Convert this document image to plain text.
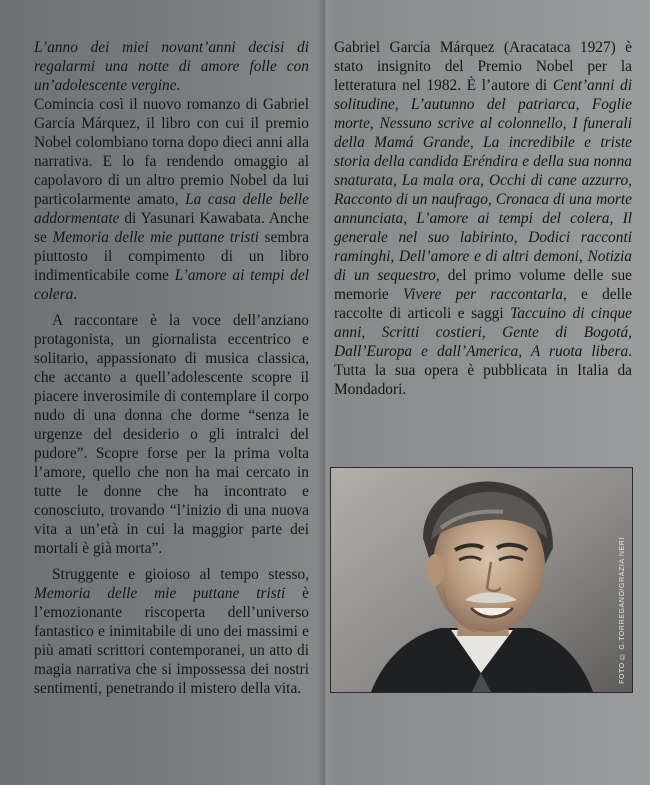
L’anno dei miei novant’anni decisi di regalarmi una notte di amore folle con un’adolescente vergine.

Comincia così il nuovo romanzo di Gabriel García Márquez, il libro con cui il premio Nobel colombiano torna dopo dieci anni alla narrativa. E lo fa rendendo omaggio al capolavoro di un altro premio Nobel da lui particolarmente amato, La casa delle belle addormentate di Yasunari Kawabata. Anche se Memoria delle mie puttane tristi sembra piuttosto il compimento di un libro indimenticabile come L’amore ai tempi del colera.

A raccontare è la voce dell’anziano protagonista, un giornalista eccentrico e solitario, appassionato di musica classica, che accanto a quell’adolescente scopre il piacere inverosimile di contemplare il corpo nudo di una donna che dorme “senza le urgenze del desiderio o gli intralci del pudore”. Scopre forse per la prima volta l’amore, quello che non ha mai cercato in tutte le donne che ha incontrato e conosciuto, trovando “l’inizio di una nuova vita a un’età in cui la maggior parte dei mortali è già morta”.

Struggente e gioioso al tempo stesso, Memoria delle mie puttane tristi è l’emozionante riscoperta dell’universo fantastico e inimitabile di uno dei massimi e più amati scrittori contemporanei, un atto di magia narrativa che si impossessa dei nostri sentimenti, penetrando il mistero della vita.

Gabriel García Márquez (Aracataca 1927) è stato insignito del Premio Nobel per la letteratura nel 1982. È l’autore di Cent’anni di solitudine, L’autunno del patriarca, Foglie morte, Nessuno scrive al colonnello, I funerali della Mamá Grande, La incredibile e triste storia della candida Eréndira e della sua nonna snaturata, La mala ora, Occhi di cane azzurro, Racconto di un naufrago, Cronaca di una morte annunciata, L’amore ai tempi del colera, Il generale nel suo labirinto, Dodici racconti raminghi, Dell’amore e di altri demoni, Notizia di un sequestro, del primo volume delle sue memorie Vivere per raccontarla, e delle raccolte di articoli e saggi Taccuino di cinque anni, Scritti costieri, Gente di Bogotá, Dall’Europa e dall’America, A ruota libera. Tutta la sua opera è pubblicata in Italia da Mondadori.

FOTO © G.TORREGANO/GRAZIA NERI
